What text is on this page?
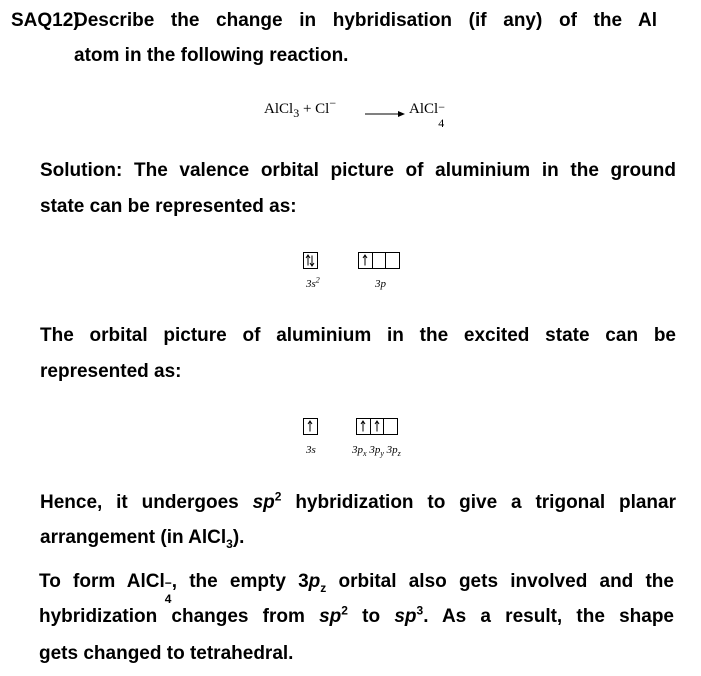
SAQ12)
Describe the change in hybridisation (if any) of the Al
atom in the following reaction.
AlCl$_3$ + Cl− → AlCl −
4
Solution: The valence orbital picture of aluminium in the ground
state can be represented as:
$3s^2$	3p
The orbital picture of aluminium in the excited state can be
represented as:
3s	$3p_x$ $3p_y$ $3p_z$
Hence, it undergoes $sp^2$ hybridization to give a trigonal planar
arrangement (in AlCl$_3$).
To form AlCl −
4
, the empty $3p_z$ orbital also gets involved and the
hybridization changes from $sp^2$ to $sp^3$. As a result, the shape
gets changed to tetrahedral.
